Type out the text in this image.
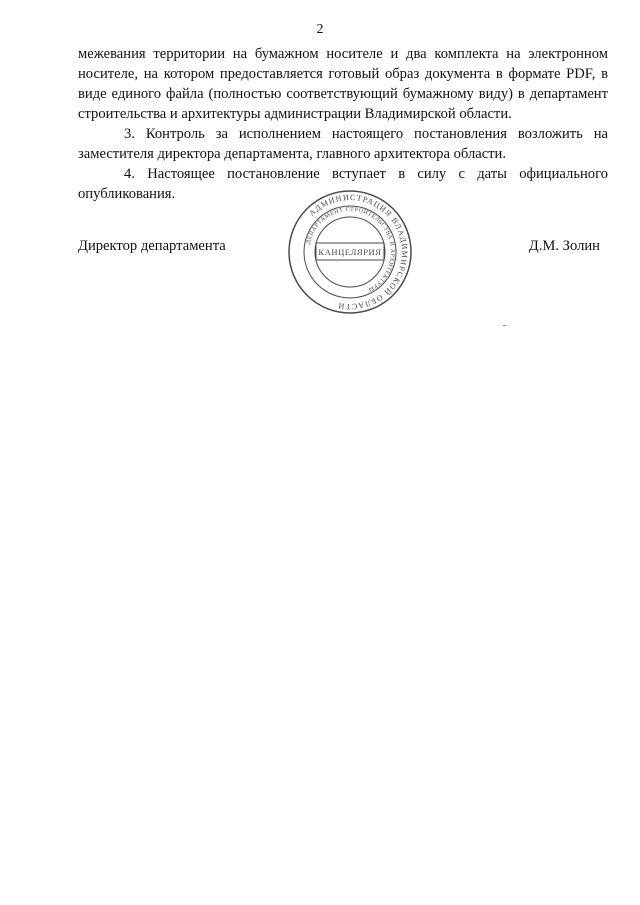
2

межевания территории на бумажном носителе и два комплекта на электронном носителе, на котором предоставляется готовый образ документа в формате PDF, в виде единого файла (полностью соответствующий бумажному виду) в департамент строительства и архитектуры администрации Владимирской области.

3. Контроль за исполнением настоящего постановления возложить на заместителя директора департамента, главного архитектора области.

4. Настоящее постановление вступает в силу с даты официального опубликования.

Директор департамента	Д.М. Золин
АДМИНИСТРАЦИЯ ВЛАДИМИРСКОЙ ОБЛАСТИ
ДЕПАРТАМЕНТ СТРОИТЕЛЬСТВА И АРХИТЕКТУРЫ
КАНЦЕЛЯРИЯ
